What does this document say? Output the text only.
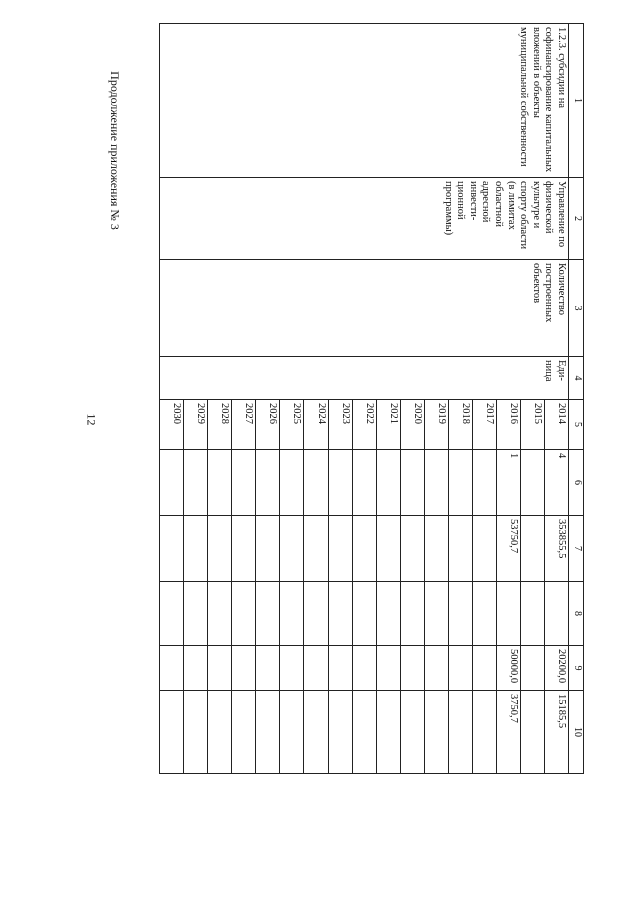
12
Продолжение приложения № 3	1	2	3	4	5	6	7	8	9	10
1.2.3. субсидии на софинансирование капитальных вложений в объекты муниципальной собственности	Управление по физической культуре и спорту области (в лимитах областной адресной инвести-ционной программы)	Количество построенных объектов	Еди-ница	2014	4	353855,5		20200,0	15185,5
				2015					
				2016	1	53750,7		50000,0	3750,7
				2017					
				2018					
				2019					
				2020					
				2021					
				2022					
				2023					
				2024					
				2025					
				2026					
				2027					
				2028					
				2029					
				2030					
